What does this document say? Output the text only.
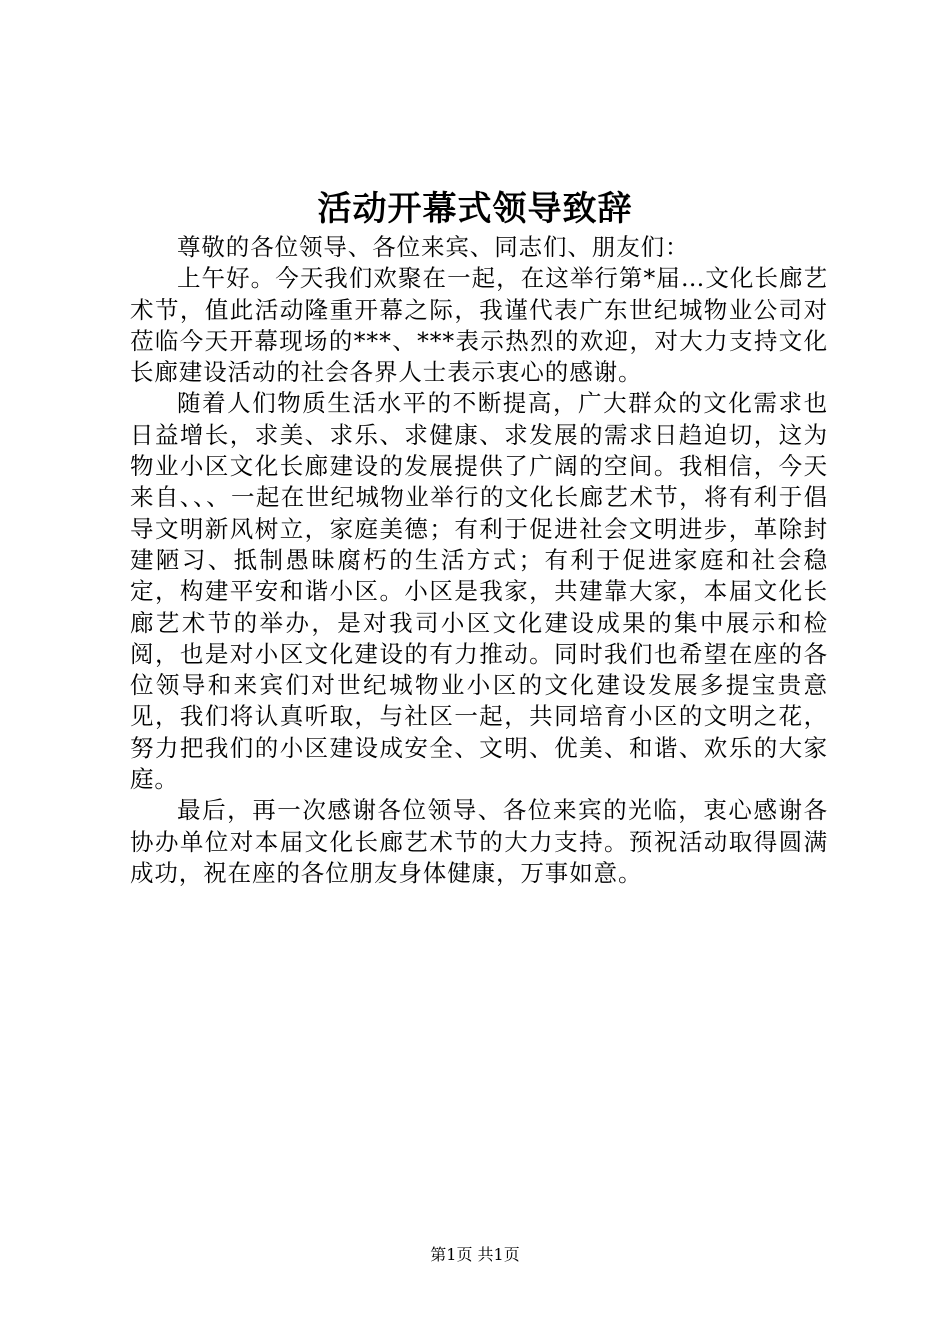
活动开幕式领导致辞

尊敬的各位领导、各位来宾、同志们、朋友们：

上午好。今天我们欢聚在一起，在这举行第*届…文化长廊艺术节，值此活动隆重开幕之际，我谨代表广东世纪城物业公司对莅临今天开幕现场的***、***表示热烈的欢迎，对大力支持文化长廊建设活动的社会各界人士表示衷心的感谢。

随着人们物质生活水平的不断提高，广大群众的文化需求也日益增长，求美、求乐、求健康、求发展的需求日趋迫切，这为物业小区文化长廊建设的发展提供了广阔的空间。我相信，今天来自、、、一起在世纪城物业举行的文化长廊艺术节，将有利于倡导文明新风树立，家庭美德；有利于促进社会文明进步，革除封建陋习、抵制愚昧腐朽的生活方式；有利于促进家庭和社会稳定，构建平安和谐小区。小区是我家，共建靠大家，本届文化长廊艺术节的举办，是对我司小区文化建设成果的集中展示和检阅，也是对小区文化建设的有力推动。同时我们也希望在座的各位领导和来宾们对世纪城物业小区的文化建设发展多提宝贵意见，我们将认真听取，与社区一起，共同培育小区的文明之花，努力把我们的小区建设成安全、文明、优美、和谐、欢乐的大家庭。

最后，再一次感谢各位领导、各位来宾的光临，衷心感谢各协办单位对本届文化长廊艺术节的大力支持。预祝活动取得圆满成功，祝在座的各位朋友身体健康，万事如意。

第1页 共1页
